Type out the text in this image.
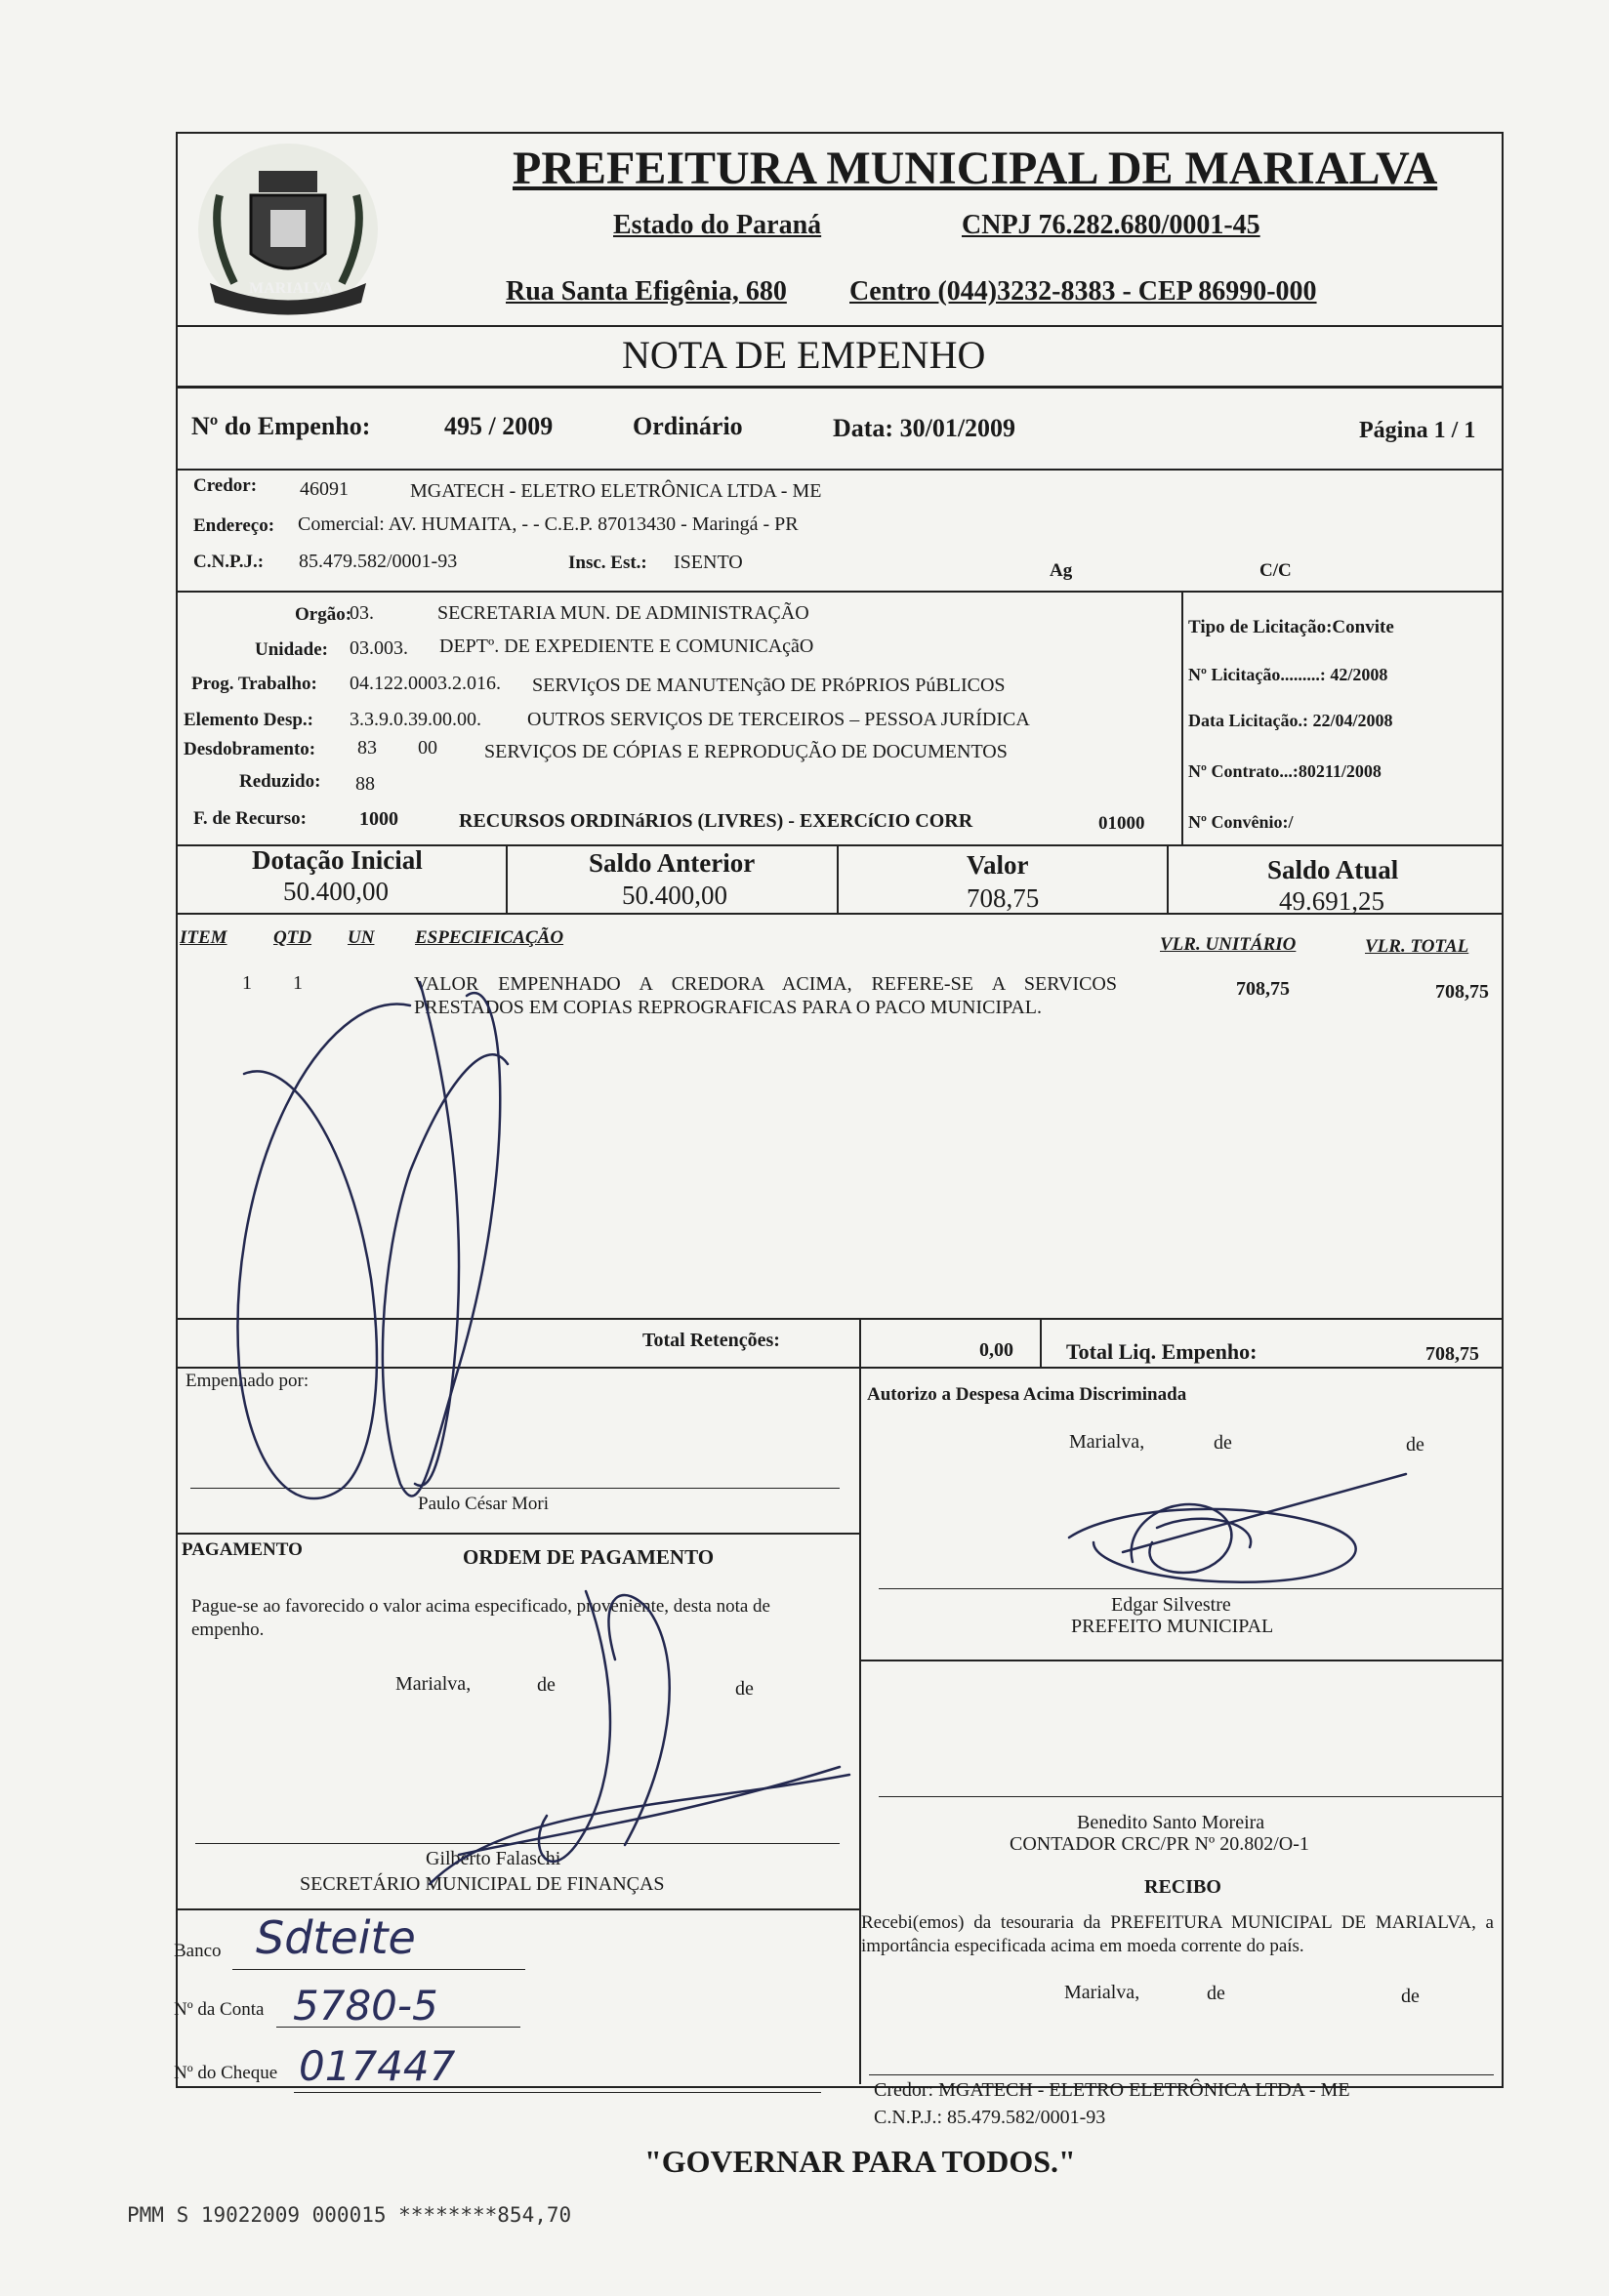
MARIALVA
PREFEITURA MUNICIPAL DE MARIALVA
Estado do Paraná	CNPJ 76.282.680/0001-45
Rua Santa Efigênia, 680 Centro (044)3232-8383 - CEP 86990-000
NOTA DE EMPENHO
Nº do Empenho:	495 / 2009	Ordinário	Data: 30/01/2009	Página 1 / 1
Credor: 46091	MGATECH - ELETRO ELETRÔNICA LTDA - ME
Endereço: Comercial: AV. HUMAITA, - - C.E.P. 87013430 - Maringá - PR
C.N.P.J.: 85.479.582/0001-93	Insc. Est.: ISENTO	Ag	C/C
Orgão:
03.	SECRETARIA MUN. DE ADMINISTRAÇÃO
Unidade: 03.003. DEPTº. DE EXPEDIENTE E COMUNICAçãO
Prog. Trabalho: 04.122.0003.2.016. SERVIçOS DE MANUTENçãO DE PRóPRIOS PúBLICOS
Elemento Desp.: 3.3.9.0.39.00.00. OUTROS SERVIÇOS DE TERCEIROS – PESSOA JURÍDICA
Desdobramento: 83 00 SERVIÇOS DE CÓPIAS E REPRODUÇÃO DE DOCUMENTOS
Reduzido: 88
F. de Recurso:	1000	RECURSOS ORDINáRIOS (LIVRES) - EXERCíCIO CORR	01000
Tipo de Licitação:Convite
Nº Licitação.........: 42/2008
Data Licitação.: 22/04/2008
Nº Contrato...:80211/2008
Nº Convênio:/
Dotação Inicial
50.400,00
Saldo Anterior
50.400,00
Valor
708,75
Saldo Atual
49.691,25
ITEM QTD UN ESPECIFICAÇÃO	VLR. UNITÁRIO	VLR. TOTAL
1 1	VALOR EMPENHADO A CREDORA ACIMA, REFERE-SE A SERVICOS PRESTADOS EM COPIAS REPROGRAFICAS PARA O PACO MUNICIPAL.
708,75	708,75
Total Retenções:	0,00 Total Liq. Empenho:	708,75
Empenhado por:
Paulo César Mori
Autorizo a Despesa Acima Discriminada
Marialva,	de	de
Edgar Silvestre
PREFEITO MUNICIPAL
PAGAMENTO	ORDEM DE PAGAMENTO
Pague-se ao favorecido o valor acima especificado, proveniente, desta nota de empenho.
Marialva,	de	de
Gilberto Falaschi
SECRETÁRIO MUNICIPAL DE FINANÇAS
Benedito Santo Moreira
CONTADOR CRC/PR Nº 20.802/O-1
RECIBO
Recebi(emos) da tesouraria da PREFEITURA MUNICIPAL DE MARIALVA, a importância especificada acima em moeda corrente do país.
Marialva,	de	de
Credor: MGATECH - ELETRO ELETRÔNICA LTDA - ME
C.N.P.J.: 85.479.582/0001-93
Banco Sdteite
Nº da Conta 5780-5
Nº do Cheque 017447
"GOVERNAR PARA TODOS."
PMM S 19022009 000015 ********854,70
